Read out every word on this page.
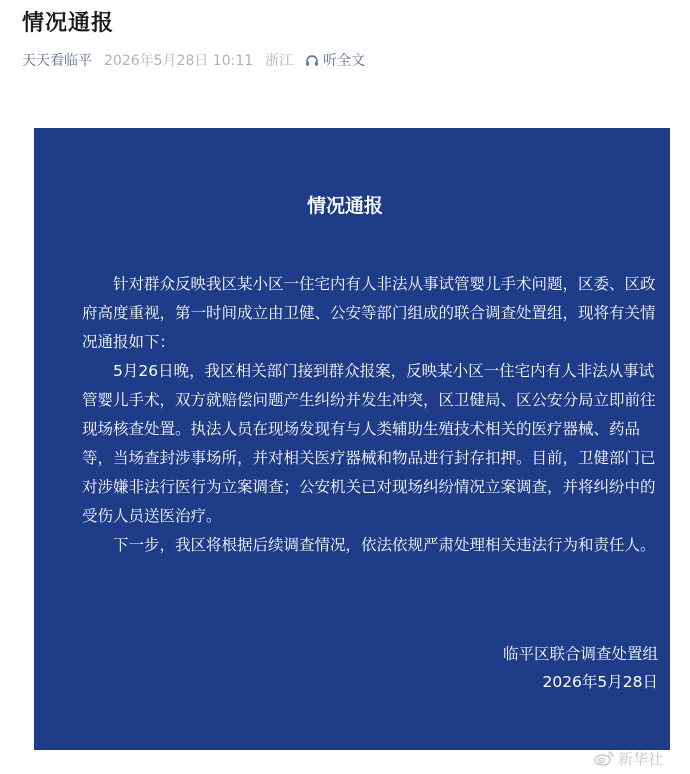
情况通报
天天看临平 2026年5月28日 10:11 浙江 听全文
情况通报

针对群众反映我区某小区一住宅内有人非法从事试管婴儿手术问题，区委、区政府高度重视，第一时间成立由卫健、公安等部门组成的联合调查处置组，现将有关情况通报如下：

5月26日晚，我区相关部门接到群众报案，反映某小区一住宅内有人非法从事试管婴儿手术，双方就赔偿问题产生纠纷并发生冲突，区卫健局、区公安分局立即前往现场核查处置。执法人员在现场发现有与人类辅助生殖技术相关的医疗器械、药品等，当场查封涉事场所，并对相关医疗器械和物品进行封存扣押。目前，卫健部门已对涉嫌非法行医行为立案调查；公安机关已对现场纠纷情况立案调查，并将纠纷中的受伤人员送医治疗。

下一步，我区将根据后续调查情况，依法依规严肃处理相关违法行为和责任人。

临平区联合调查处置组
2026年5月28日
新华社
